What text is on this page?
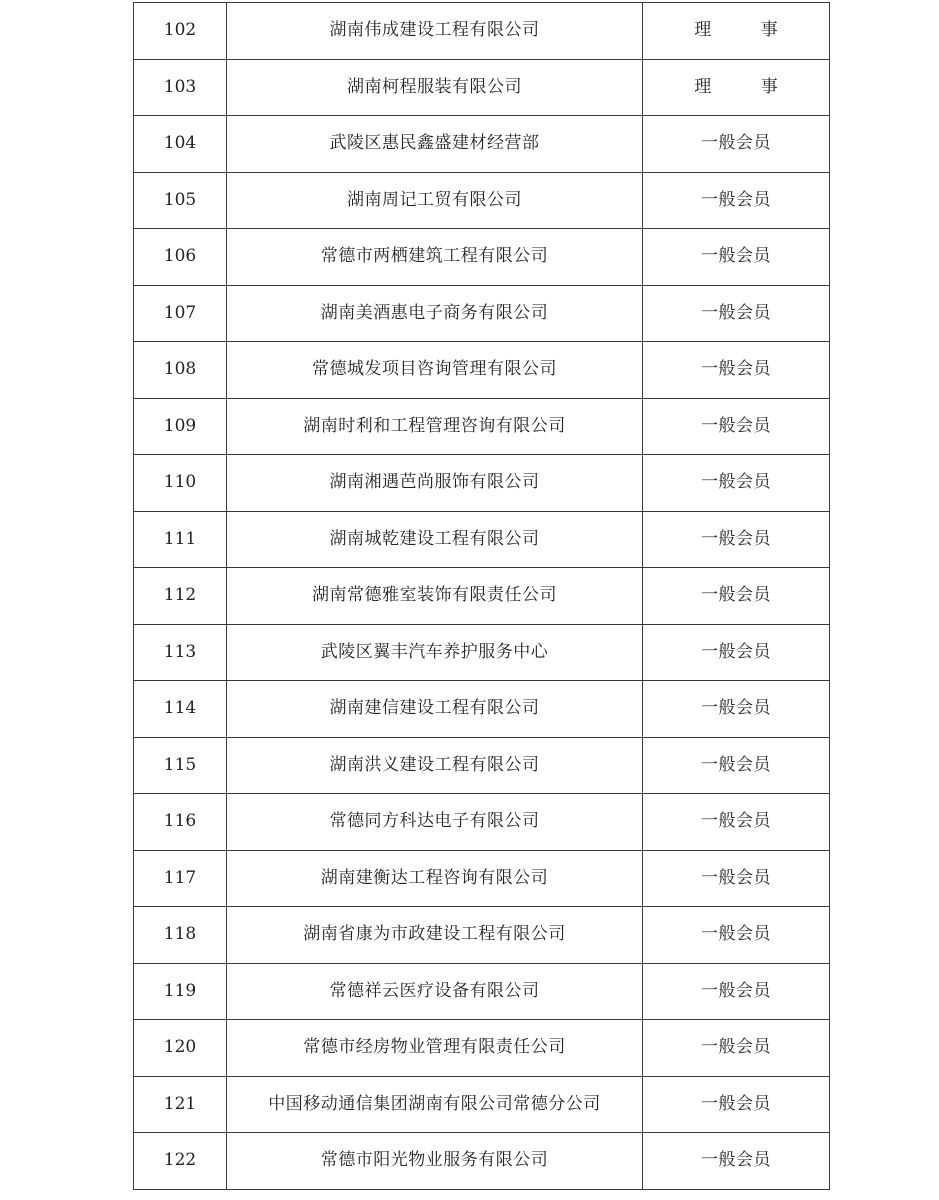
102	湖南伟成建设工程有限公司	理 事
103	湖南柯程服装有限公司	理 事
104	武陵区惠民鑫盛建材经营部	一般会员
105	湖南周记工贸有限公司	一般会员
106	常德市两栖建筑工程有限公司	一般会员
107	湖南美酒惠电子商务有限公司	一般会员
108	常德城发项目咨询管理有限公司	一般会员
109	湖南时利和工程管理咨询有限公司	一般会员
110	湖南湘遇芭尚服饰有限公司	一般会员
111	湖南城乾建设工程有限公司	一般会员
112	湖南常德雅室装饰有限责任公司	一般会员
113	武陵区翼丰汽车养护服务中心	一般会员
114	湖南建信建设工程有限公司	一般会员
115	湖南洪义建设工程有限公司	一般会员
116	常德同方科达电子有限公司	一般会员
117	湖南建衡达工程咨询有限公司	一般会员
118	湖南省康为市政建设工程有限公司	一般会员
119	常德祥云医疗设备有限公司	一般会员
120	常德市经房物业管理有限责任公司	一般会员
121	中国移动通信集团湖南有限公司常德分公司	一般会员
122	常德市阳光物业服务有限公司	一般会员
